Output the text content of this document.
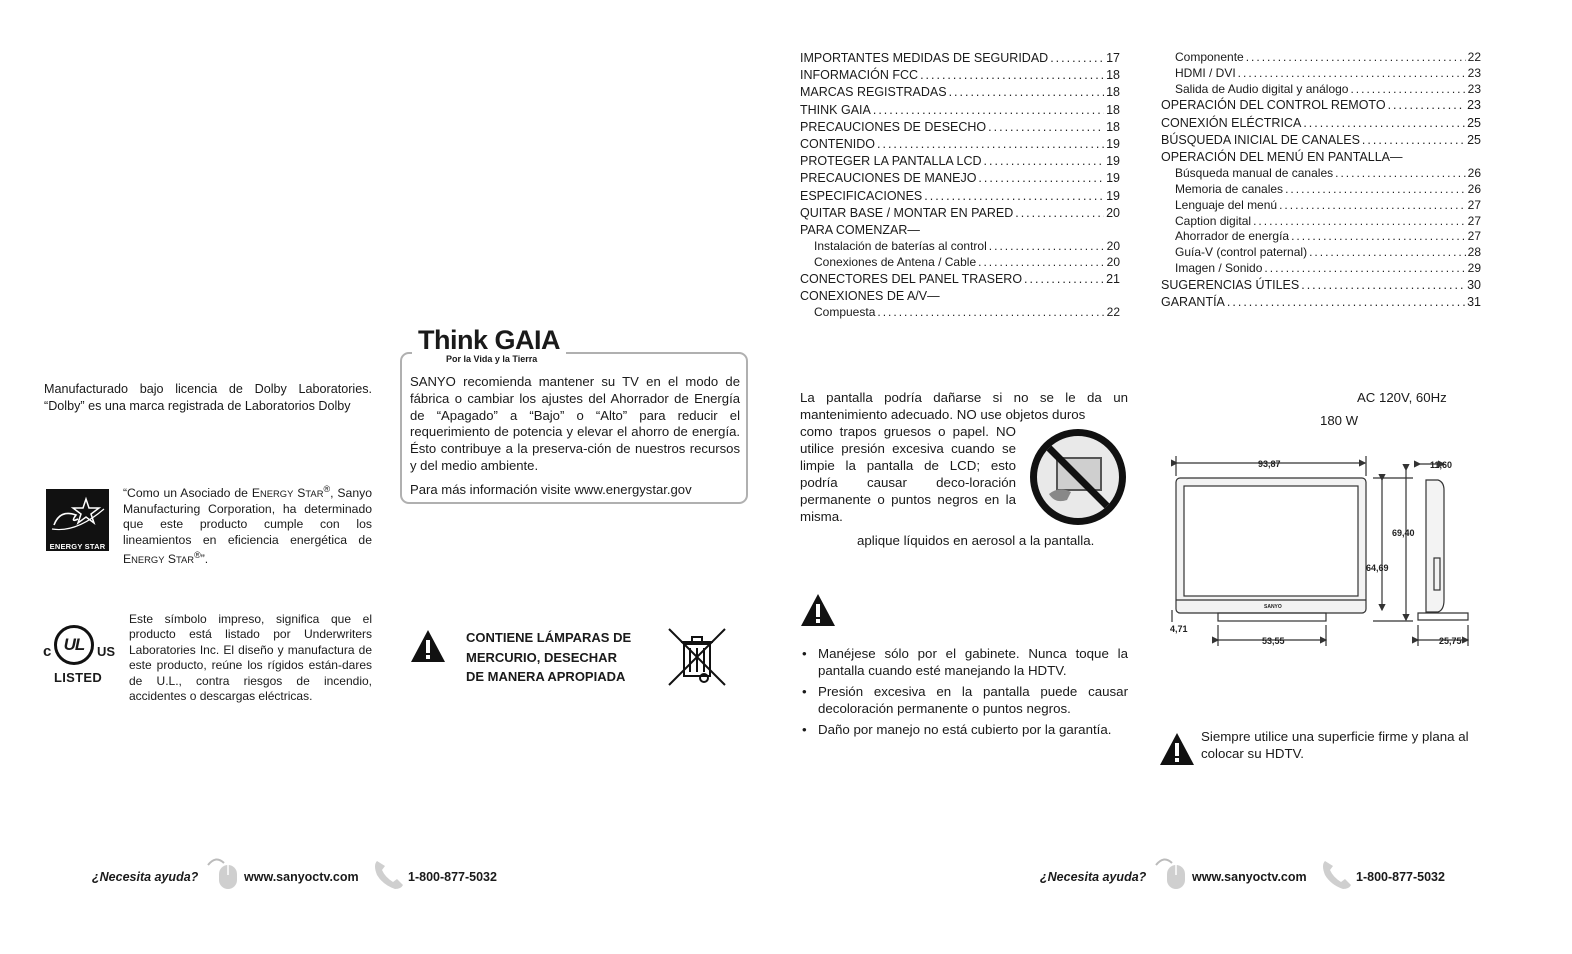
IMPORTANTES MEDIDAS DE SEGURIDAD .....	17
INFORMACIÓN FCC .....	18
MARCAS REGISTRADAS .....	18
THINK GAIA .....	18
PRECAUCIONES DE DESECHO .....	18
CONTENIDO .....	19
PROTEGER LA PANTALLA LCD .....	19
PRECAUCIONES DE MANEJO .....	19
ESPECIFICACIONES .....	19
QUITAR BASE / MONTAR EN PARED .....	20
PARA COMENZAR—
Instalación de baterías al control .....	20
Conexiones de Antena / Cable .....	20
CONECTORES DEL PANEL TRASERO .....	21
CONEXIONES DE A/V—
Compuesta .....	22
Componente .....	22
HDMI / DVI .....	23
Salida de Audio digital y análogo .....	23
OPERACIÓN DEL CONTROL REMOTO .....	23
CONEXIÓN ELÉCTRICA .....	25
BÚSQUEDA INICIAL DE CANALES .....	25
OPERACIÓN DEL MENÚ EN PANTALLA—
Búsqueda manual de canales .....	26
Memoria de canales .....	26
Lenguaje del menú .....	27
Caption digital .....	27
Ahorrador de energía .....	27
Guía-V (control paternal) .....	28
Imagen / Sonido .....	29
SUGERENCIAS ÚTILES .....	30
GARANTÍA .....	31
Manufacturado bajo licencia de Dolby Laboratories. “Dolby” es una marca registrada de Laboratorios Dolby
ENERGY STAR
“Como un Asociado de ENERGY STAR®, Sanyo Manufacturing Corporation, ha determinado que este producto cumple con los lineamientos en eficiencia energética de ENERGY STAR®”.
c UL US
LISTED
Este símbolo impreso, significa que el producto está listado por Underwriters Laboratories Inc. El diseño y manufactura de este producto, reúne los rígidos están-dares de U.L., contra riesgos de incendio, accidentes o descargas eléctricas.
SANYO recomienda mantener su TV en el modo de fábrica o cambiar los ajustes del Ahorrador de Energía de “Apagado” a “Bajo” o “Alto” para reducir el requerimiento de potencia y elevar el ahorro de energía. Ésto contribuye a la preserva-ción de nuestros recursos y del medio ambiente.
Para más información visite www.energystar.gov
Think GAIA
Por la Vida y la Tierra
CONTIENE LÁMPARAS DE
MERCURIO, DESECHAR
DE MANERA APROPIADA
La pantalla podría dañarse si no se le da un mantenimiento adecuado. NO use objetos duros
como trapos gruesos o papel. NO utilice presión excesiva cuando se limpie la pantalla de LCD; esto podría causar deco-loración permanente o puntos negros en la misma.
aplique líquidos en aerosol a la pantalla.
• Manéjese sólo por el gabinete. Nunca toque la pantalla cuando esté manejando la HDTV.
• Presión excesiva en la pantalla puede causar decoloración permanente o puntos negros.
• Daño por manejo no está cubierto por la garantía.
AC 120V, 60Hz
180 W
93,87
69,40
64,69
53,55
4,71
11,60
25,75
SANYO
Siempre utilice una superficie firme y plana al colocar su HDTV.
¿Necesita ayuda?	www.sanyoctv.com	1-800-877-5032	¿Necesita ayuda?	www.sanyoctv.com	1-800-877-5032
